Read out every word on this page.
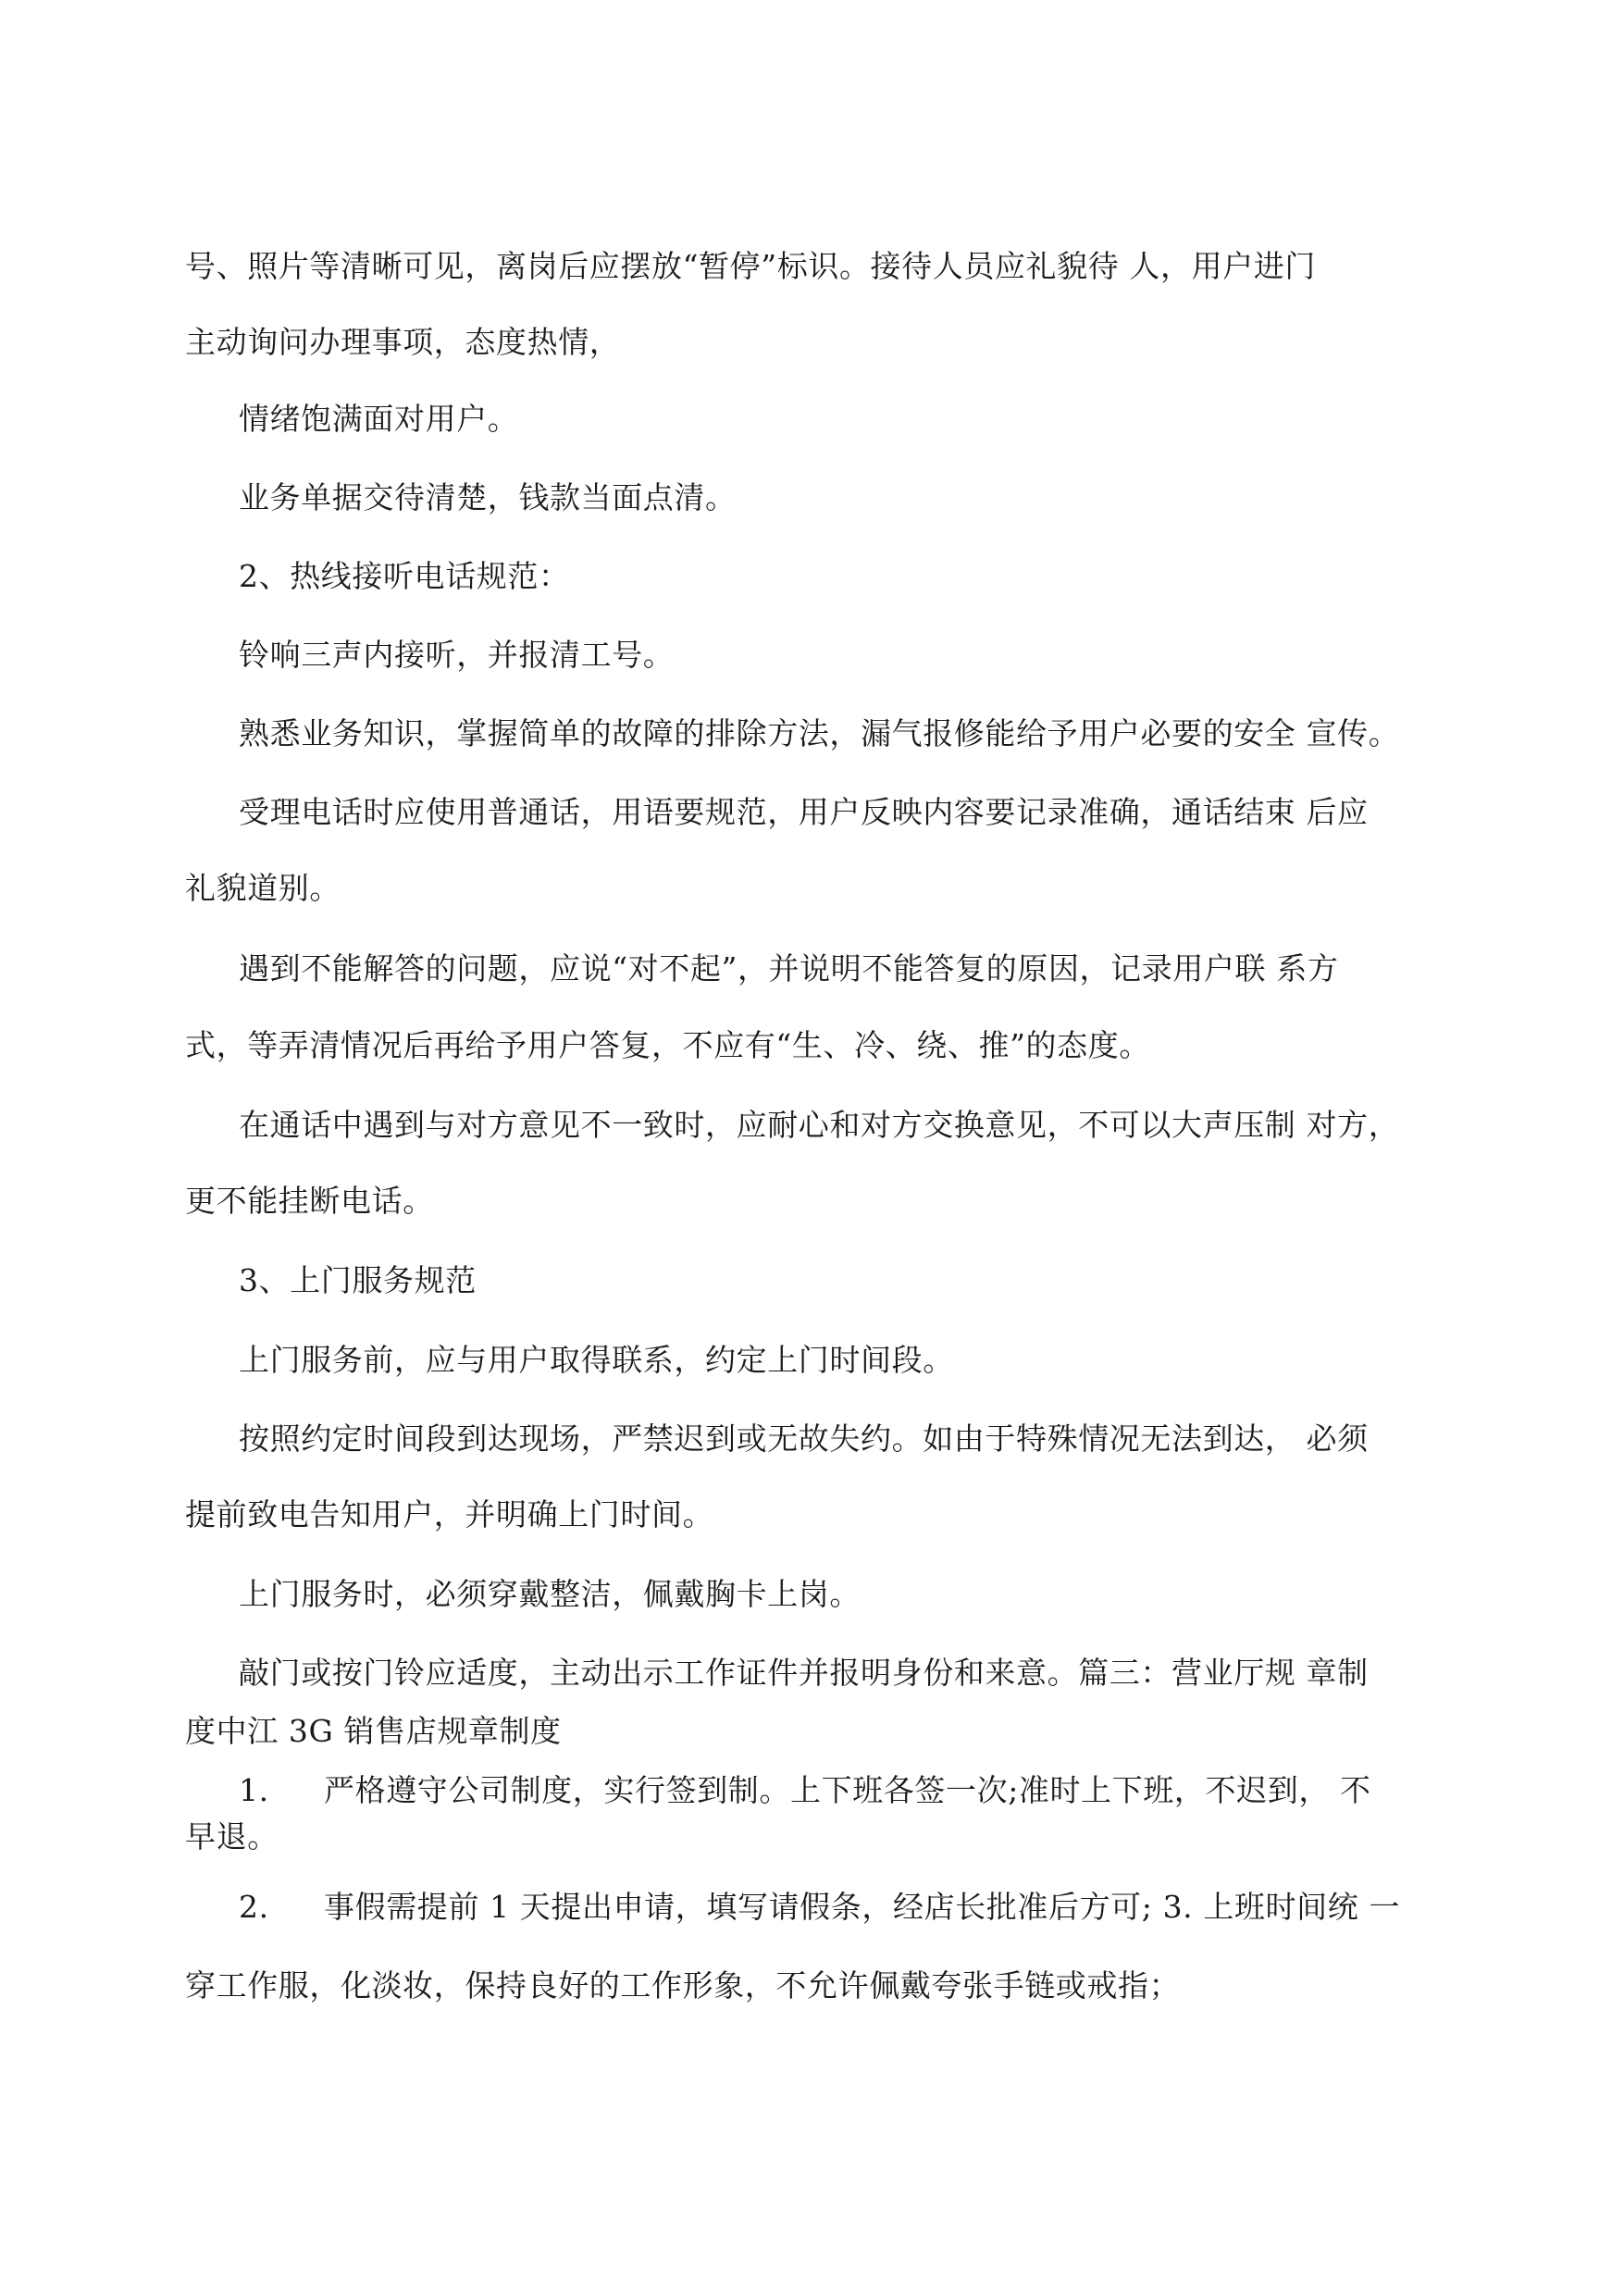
号、照片等清晰可见，离岗后应摆放“暂停”标识。接待人员应礼貌待 人，用户进门

主动询问办理事项，态度热情，

情绪饱满面对用户。

业务单据交待清楚，钱款当面点清。

2、热线接听电话规范：

铃响三声内接听，并报清工号。

熟悉业务知识，掌握简单的故障的排除方法，漏气报修能给予用户必要的安全 宣传。

受理电话时应使用普通话，用语要规范，用户反映内容要记录准确，通话结束 后应

礼貌道别。

遇到不能解答的问题，应说“对不起”，并说明不能答复的原因，记录用户联 系方

式，等弄清情况后再给予用户答复，不应有“生、冷、绕、推”的态度。

在通话中遇到与对方意见不一致时，应耐心和对方交换意见，不可以大声压制 对方，

更不能挂断电话。

3、上门服务规范

上门服务前，应与用户取得联系，约定上门时间段。

按照约定时间段到达现场，严禁迟到或无故失约。如由于特殊情况无法到达， 必须

提前致电告知用户，并明确上门时间。

上门服务时，必须穿戴整洁，佩戴胸卡上岗。

敲门或按门铃应适度，主动出示工作证件并报明身份和来意。篇三：营业厅规 章制

度中江 3G 销售店规章制度

1. 严格遵守公司制度，实行签到制。上下班各签一次;准时上下班，不迟到， 不

早退。

2. 事假需提前 1 天提出申请，填写请假条，经店长批准后方可; 3. 上班时间统 一

穿工作服，化淡妆，保持良好的工作形象，不允许佩戴夸张手链或戒指；
